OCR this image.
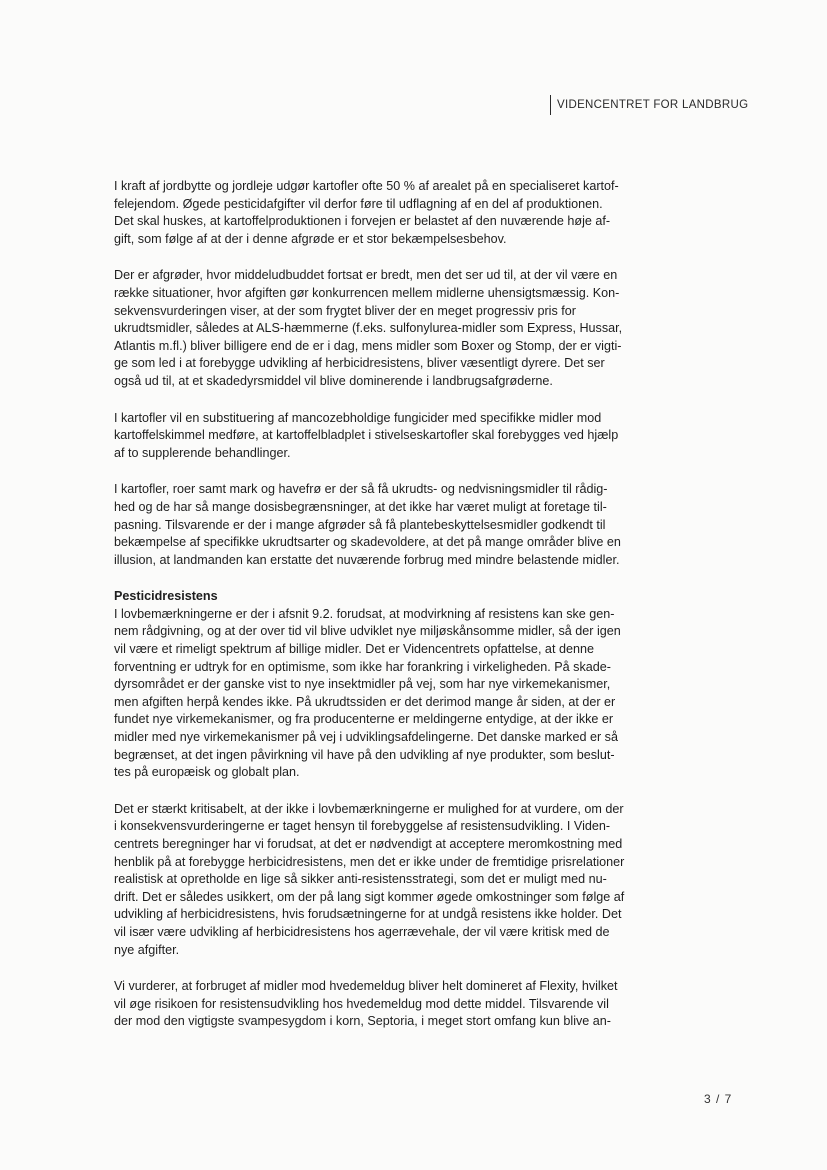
VIDENCENTRET FOR LANDBRUG
I kraft af jordbytte og jordleje udgør kartofler ofte 50 % af arealet på en specialiseret kartof-
felejendom. Øgede pesticidafgifter vil derfor føre til udflagning af en del af produktionen.
Det skal huskes, at kartoffelproduktionen i forvejen er belastet af den nuværende høje af-
gift, som følge af at der i denne afgrøde er et stor bekæmpelsesbehov.
Der er afgrøder, hvor middeludbuddet fortsat er bredt, men det ser ud til, at der vil være en
række situationer, hvor afgiften gør konkurrencen mellem midlerne uhensigtsmæssig. Kon-
sekvensvurderingen viser, at der som frygtet bliver der en meget progressiv pris for
ukrudtsmidler, således at ALS-hæmmerne (f.eks. sulfonylurea-midler som Express, Hussar,
Atlantis m.fl.) bliver billigere end de er i dag, mens midler som Boxer og Stomp, der er vigti-
ge som led i at forebygge udvikling af herbicidresistens, bliver væsentligt dyrere. Det ser
også ud til, at et skadedyrsmiddel vil blive dominerende i landbrugsafgrøderne.
I kartofler vil en substituering af mancozebholdige fungicider med specifikke midler mod
kartoffelskimmel medføre, at kartoffelbladplet i stivelseskartofler skal forebygges ved hjælp
af to supplerende behandlinger.
I kartofler, roer samt mark og havefrø er der så få ukrudts- og nedvisningsmidler til rådig-
hed og de har så mange dosisbegrænsninger, at det ikke har været muligt at foretage til-
pasning. Tilsvarende er der i mange afgrøder så få plantebeskyttelsesmidler godkendt til
bekæmpelse af specifikke ukrudtsarter og skadevoldere, at det på mange områder blive en
illusion, at landmanden kan erstatte det nuværende forbrug med mindre belastende midler.
Pesticidresistens
I lovbemærkningerne er der i afsnit 9.2. forudsat, at modvirkning af resistens kan ske gen-
nem rådgivning, og at der over tid vil blive udviklet nye miljøskånsomme midler, så der igen
vil være et rimeligt spektrum af billige midler. Det er Videncentrets opfattelse, at denne
forventning er udtryk for en optimisme, som ikke har forankring i virkeligheden. På skade-
dyrsområdet er der ganske vist to nye insektmidler på vej, som har nye virkemekanismer,
men afgiften herpå kendes ikke. På ukrudtssiden er det derimod mange år siden, at der er
fundet nye virkemekanismer, og fra producenterne er meldingerne entydige, at der ikke er
midler med nye virkemekanismer på vej i udviklingsafdelingerne. Det danske marked er så
begrænset, at det ingen påvirkning vil have på den udvikling af nye produkter, som beslut-
tes på europæisk og globalt plan.
Det er stærkt kritisabelt, at der ikke i lovbemærkningerne er mulighed for at vurdere, om der
i konsekvensvurderingerne er taget hensyn til forebyggelse af resistensudvikling. I Viden-
centrets beregninger har vi forudsat, at det er nødvendigt at acceptere meromkostning med
henblik på at forebygge herbicidresistens, men det er ikke under de fremtidige prisrelationer
realistisk at opretholde en lige så sikker anti-resistensstrategi, som det er muligt med nu-
drift. Det er således usikkert, om der på lang sigt kommer øgede omkostninger som følge af
udvikling af herbicidresistens, hvis forudsætningerne for at undgå resistens ikke holder. Det
vil især være udvikling af herbicidresistens hos agerrævehale, der vil være kritisk med de
nye afgifter.
Vi vurderer, at forbruget af midler mod hvedemeldug bliver helt domineret af Flexity, hvilket
vil øge risikoen for resistensudvikling hos hvedemeldug mod dette middel. Tilsvarende vil
der mod den vigtigste svampesygdom i korn, Septoria, i meget stort omfang kun blive an-
3 / 7
